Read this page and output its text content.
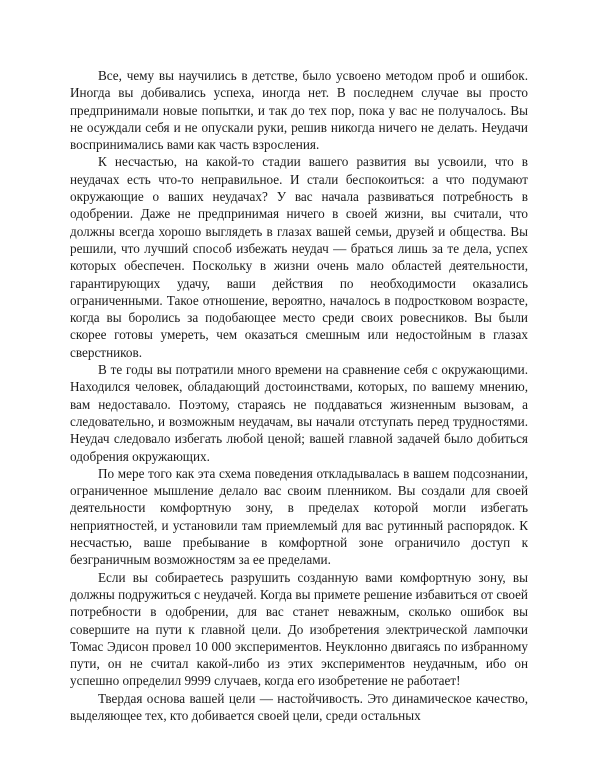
Все, чему вы научились в детстве, было усвоено методом проб и ошибок. Иногда вы добивались успеха, иногда нет. В последнем случае вы просто предпринимали новые попытки, и так до тех пор, пока у вас не получалось. Вы не осуждали себя и не опускали руки, решив никогда ничего не делать. Неудачи воспринимались вами как часть взросления.

К несчастью, на какой-то стадии вашего развития вы усвоили, что в неудачах есть что-то неправильное. И стали беспокоиться: а что подумают окружающие о ваших неудачах? У вас начала развиваться потребность в одобрении. Даже не предпринимая ничего в своей жизни, вы считали, что должны всегда хорошо выглядеть в глазах вашей семьи, друзей и общества. Вы решили, что лучший способ избежать неудач — браться лишь за те дела, успех которых обеспечен. Поскольку в жизни очень мало областей деятельности, гарантирующих удачу, ваши действия по необходимости оказались ограниченными. Такое отношение, вероятно, началось в подростковом возрасте, когда вы боролись за подобающее место среди своих ровесников. Вы были скорее готовы умереть, чем оказаться смешным или недостойным в глазах сверстников.

В те годы вы потратили много времени на сравнение себя с окружающими. Находился человек, обладающий достоинствами, которых, по вашему мнению, вам недоставало. Поэтому, стараясь не поддаваться жизненным вызовам, а следовательно, и возможным неудачам, вы начали отступать перед трудностями. Неудач следовало избегать любой ценой; вашей главной задачей было добиться одобрения окружающих.

По мере того как эта схема поведения откладывалась в вашем подсознании, ограниченное мышление делало вас своим пленником. Вы создали для своей деятельности комфортную зону, в пределах которой могли избегать неприятностей, и установили там приемлемый для вас рутинный распорядок. К несчастью, ваше пребывание в комфортной зоне ограничило доступ к безграничным возможностям за ее пределами.

Если вы собираетесь разрушить созданную вами комфортную зону, вы должны подружиться с неудачей. Когда вы примете решение избавиться от своей потребности в одобрении, для вас станет неважным, сколько ошибок вы совершите на пути к главной цели. До изобретения электрической лампочки Томас Эдисон провел 10 000 экспериментов. Неуклонно двигаясь по избранному пути, он не считал какой-либо из этих экспериментов неудачным, ибо он успешно определил 9999 случаев, когда его изобретение не работает!

Твердая основа вашей цели — настойчивость. Это динамическое качество, выделяющее тех, кто добивается своей цели, среди остальных
